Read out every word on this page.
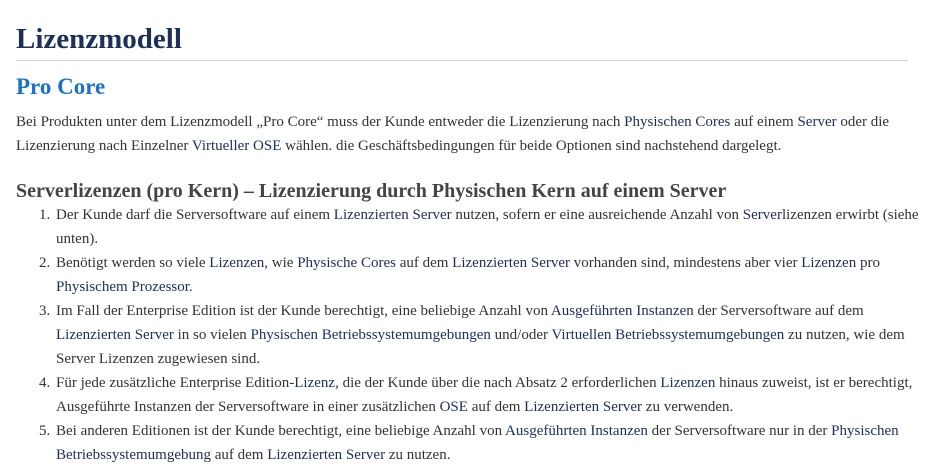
Lizenzmodell
Pro Core

Bei Produkten unter dem Lizenzmodell „Pro Core“ muss der Kunde entweder die Lizenzierung nach Physischen Cores auf einem Server oder die Lizenzierung nach Einzelner Virtueller OSE wählen. die Geschäftsbedingungen für beide Optionen sind nachstehend dargelegt.

Serverlizenzen (pro Kern) – Lizenzierung durch Physischen Kern auf einem Server
1. Der Kunde darf die Serversoftware auf einem Lizenzierten Server nutzen, sofern er eine ausreichende Anzahl von Serverlizenzen erwirbt (siehe unten).
2. Benötigt werden so viele Lizenzen, wie Physische Cores auf dem Lizenzierten Server vorhanden sind, mindestens aber vier Lizenzen pro Physischem Prozessor.
3. Im Fall der Enterprise Edition ist der Kunde berechtigt, eine beliebige Anzahl von Ausgeführten Instanzen der Serversoftware auf dem Lizenzierten Server in so vielen Physischen Betriebssystemumgebungen und/oder Virtuellen Betriebssystemumgebungen zu nutzen, wie dem Server Lizenzen zugewiesen sind.
4. Für jede zusätzliche Enterprise Edition-Lizenz, die der Kunde über die nach Absatz 2 erforderlichen Lizenzen hinaus zuweist, ist er berechtigt, Ausgeführte Instanzen der Serversoftware in einer zusätzlichen OSE auf dem Lizenzierten Server zu verwenden.
5. Bei anderen Editionen ist der Kunde berechtigt, eine beliebige Anzahl von Ausgeführten Instanzen der Serversoftware nur in der Physischen Betriebssystemumgebung auf dem Lizenzierten Server zu nutzen.
